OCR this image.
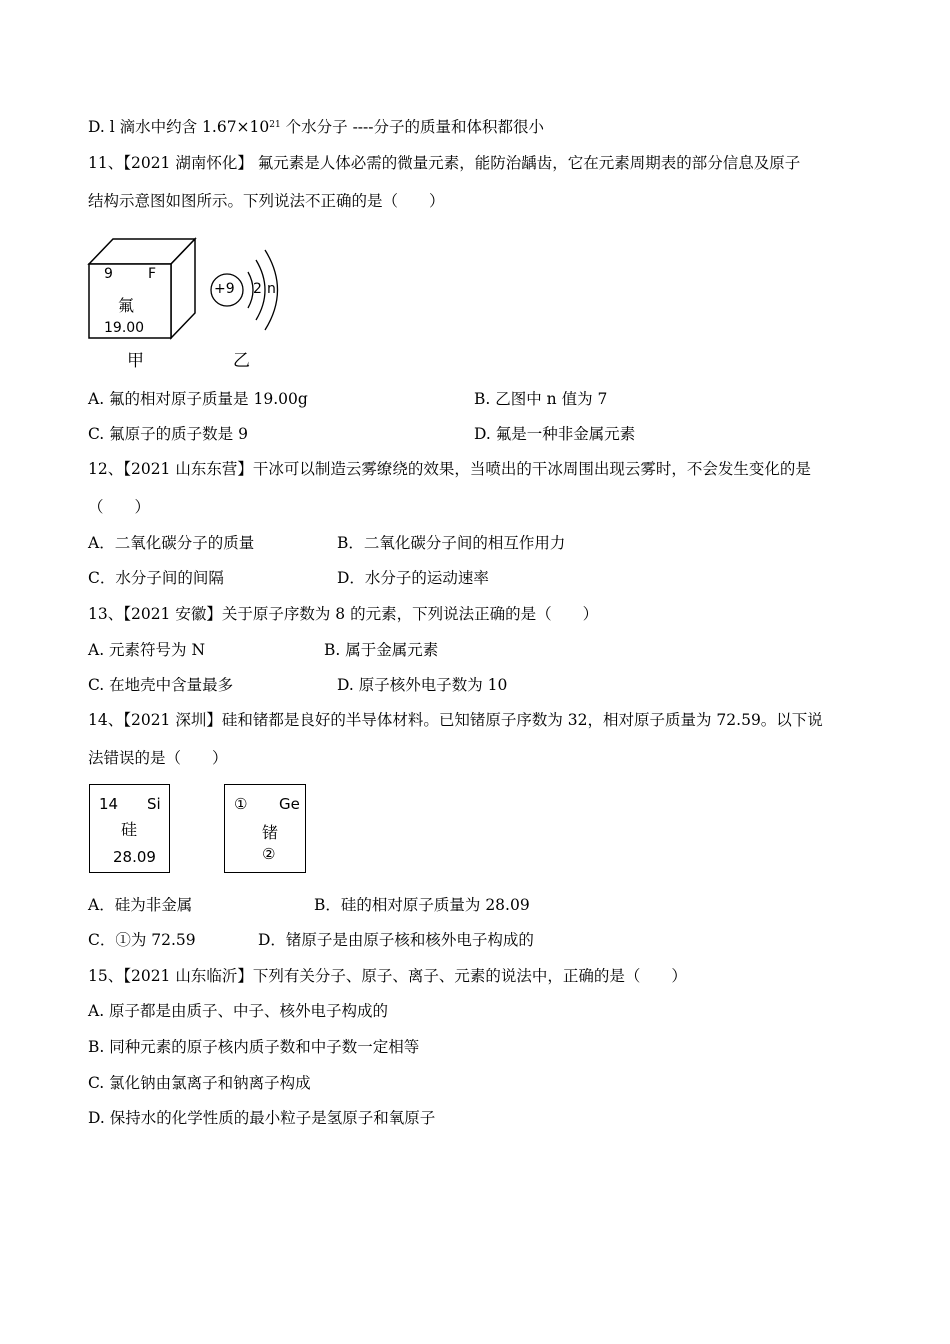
D. l 滴水中约含 $1.67\times 10^{21}$ 个水分子 ----分子的质量和体积都很小
11、【2021 湖南怀化】 氟元素是人体必需的微量元素，能防治龋齿，它在元素周期表的部分信息及原子
结构示意图如图所示。下列说法不正确的是（　　）
9	F
氟
19.00
甲
+9 2 n
乙
A. 氟的相对原子质量是 19.00g	B. 乙图中 n 值为 7
C. 氟原子的质子数是 9	D. 氟是一种非金属元素
12、【2021 山东东营】干冰可以制造云雾缭绕的效果，当喷出的干冰周围出现云雾时，不会发生变化的是
（　　）
A．二氧化碳分子的质量	B．二氧化碳分子间的相互作用力
C．水分子间的间隔	D．水分子的运动速率
13、【2021 安徽】关于原子序数为 8 的元素，下列说法正确的是（　　）
A. 元素符号为 N	B. 属于金属元素
C. 在地壳中含量最多	D. 原子核外电子数为 10
14、【2021 深圳】硅和锗都是良好的半导体材料。已知锗原子序数为 32，相对原子质量为 72.59。以下说
法错误的是（　　）
14 Si
硅
28.09
① Ge
锗
②
A．硅为非金属	B．硅的相对原子质量为 28.09
C．①为 72.59	D．锗原子是由原子核和核外电子构成的
15、【2021 山东临沂】下列有关分子、原子、离子、元素的说法中，正确的是（　　）
A. 原子都是由质子、中子、核外电子构成的
B. 同种元素的原子核内质子数和中子数一定相等
C. 氯化钠由氯离子和钠离子构成
D. 保持水的化学性质的最小粒子是氢原子和氧原子
